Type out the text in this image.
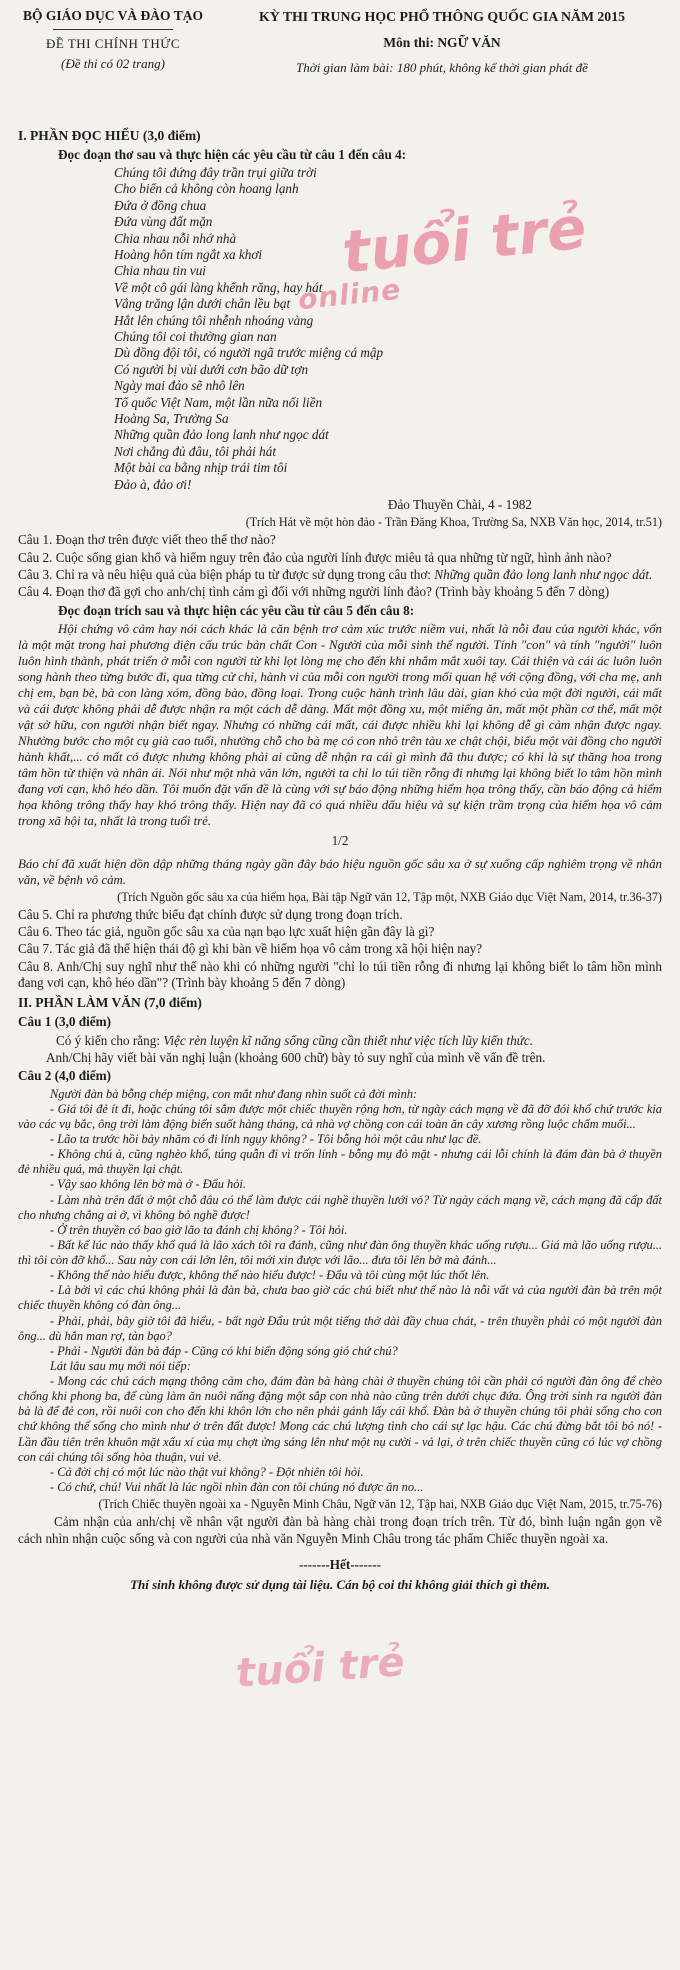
BỘ GIÁO DỤC VÀ ĐÀO TẠO
ĐỀ THI CHÍNH THỨC
(Đề thi có 02 trang)
KỲ THI TRUNG HỌC PHỔ THÔNG QUỐC GIA NĂM 2015
Môn thi: NGỮ VĂN
Thời gian làm bài: 180 phút, không kể thời gian phát đề
I. PHẦN ĐỌC HIỂU (3,0 điểm)
Đọc đoạn thơ sau và thực hiện các yêu cầu từ câu 1 đến câu 4:
Chúng tôi đứng đây trần trụi giữa trời
Cho biển cả không còn hoang lạnh
Đứa ở đồng chua
Đứa vùng đất mặn
Chia nhau nỗi nhớ nhà
Hoàng hôn tím ngắt xa khơi
Chia nhau tin vui
Về một cô gái làng khểnh răng, hay hát
Vắng trăng lận dưới chân lều bạt
Hắt lên chúng tôi nhễnh nhoáng vàng
Chúng tôi coi thường gian nan
Dù đồng đội tôi, có người ngã trước miệng cá mập
Có người bị vùi dưới cơn bão dữ tợn
Ngày mai đảo sẽ nhô lên
Tổ quốc Việt Nam, một lần nữa nối liền
Hoàng Sa, Trường Sa
Những quần đảo long lanh như ngọc dát
Nơi chẳng đủ đâu, tôi phải hát
Một bài ca bằng nhịp trái tim tôi
Đảo à, đảo ơi!
Đảo Thuyền Chài, 4 - 1982
(Trích Hát về một hòn đảo - Trần Đăng Khoa, Trường Sa, NXB Văn học, 2014, tr.51)
Câu 1. Đoạn thơ trên được viết theo thể thơ nào?
Câu 2. Cuộc sống gian khổ và hiểm nguy trên đảo của người lính được miêu tả qua những từ ngữ, hình ảnh nào?
Câu 3. Chỉ ra và nêu hiệu quả của biện pháp tu từ được sử dụng trong câu thơ: Những quần đảo long lanh như ngọc dát.
Câu 4. Đoạn thơ đã gợi cho anh/chị tình cảm gì đối với những người lính đảo? (Trình bày khoảng 5 đến 7 dòng)
Đọc đoạn trích sau và thực hiện các yêu cầu từ câu 5 đến câu 8:
Hội chứng vô cảm hay nói cách khác là căn bệnh trơ cảm xúc trước niềm vui, nhất là nỗi đau của người khác, vốn là một mặt trong hai phương diện cấu trúc bản chất Con - Người của mỗi sinh thể người. Tính "con" và tính "người" luôn luôn hình thành, phát triển ở mỗi con người từ khi lọt lòng mẹ cho đến khi nhắm mắt xuôi tay. Cái thiện và cái ác luôn luôn song hành theo từng bước đi, qua từng cử chỉ, hành vi của mỗi con người trong mối quan hệ với cộng đồng, với cha mẹ, anh chị em, bạn bè, bà con làng xóm, đồng bào, đồng loại. Trong cuộc hành trình lâu dài, gian khó của một đời người, cái mất và cái được không phải dễ được nhận ra một cách dễ dàng. Mất một đồng xu, một miếng ăn, mất một phần cơ thể, mất một vật sở hữu, con người nhận biết ngay. Nhưng có những cái mất, cái được nhiều khi lại không dễ gì cảm nhận được ngay. Nhường bước cho một cụ già cao tuổi, nhường chỗ cho bà mẹ có con nhỏ trên tàu xe chật chội, biếu một vài đồng cho người hành khất,... có mất có được nhưng không phải ai cũng dễ nhận ra cái gì mình đã thu được; có khi là sự thăng hoa trong tâm hồn từ thiện và nhân ái. Nói như một nhà văn lớn, người ta chỉ lo túi tiền rỗng đi nhưng lại không biết lo tâm hồn mình đang vơi cạn, khô héo dần. Tôi muốn đặt vấn đề là cùng với sự báo động những hiểm họa trông thấy, cần báo động cả hiểm họa không trông thấy hay khó trông thấy. Hiện nay đã có quá nhiều dấu hiệu và sự kiện trầm trọng của hiểm họa vô cảm trong xã hội ta, nhất là trong tuổi trẻ.
1/2
Báo chí đã xuất hiện dồn dập những tháng ngày gần đây báo hiệu nguồn gốc sâu xa ở sự xuống cấp nghiêm trọng về nhân văn, về bệnh vô cảm.
(Trích Nguồn gốc sâu xa của hiểm họa, Bài tập Ngữ văn 12, Tập một, NXB Giáo dục Việt Nam, 2014, tr.36-37)
Câu 5. Chỉ ra phương thức biểu đạt chính được sử dụng trong đoạn trích.
Câu 6. Theo tác giả, nguồn gốc sâu xa của nạn bạo lực xuất hiện gần đây là gì?
Câu 7. Tác giả đã thể hiện thái độ gì khi bàn về hiểm họa vô cảm trong xã hội hiện nay?
Câu 8. Anh/Chị suy nghĩ như thế nào khi có những người "chỉ lo túi tiền rỗng đi nhưng lại không biết lo tâm hồn mình đang vơi cạn, khô héo dần"? (Trình bày khoảng 5 đến 7 dòng)
II. PHẦN LÀM VĂN (7,0 điểm)
Câu 1 (3,0 điểm)
Có ý kiến cho rằng: Việc rèn luyện kĩ năng sống cũng cần thiết như việc tích lũy kiến thức.
Anh/Chị hãy viết bài văn nghị luận (khoảng 600 chữ) bày tỏ suy nghĩ của mình về vấn đề trên.
Câu 2 (4,0 điểm)

Người đàn bà bỗng chép miệng, con mắt như đang nhìn suốt cả đời mình:

- Giá tôi đẻ ít đi, hoặc chúng tôi sắm được một chiếc thuyền rộng hơn, từ ngày cách mạng về đã đỡ đói khổ chứ trước kia vào các vụ bắc, ông trời làm động biển suốt hàng tháng, cả nhà vợ chồng con cái toàn ăn cây xương rồng luộc chấm muối...

- Lão ta trước hồi bảy nhăm có đi lính ngụy không? - Tôi bỗng hỏi một câu như lạc đề.

- Không chú à, cũng nghèo khổ, túng quẫn đi vì trốn lính - bỗng mụ đỏ mặt - nhưng cái lỗi chính là đám đàn bà ở thuyền đẻ nhiều quá, mà thuyền lại chật.

- Vậy sao không lên bờ mà ở - Đẩu hỏi.

- Làm nhà trên đất ở một chỗ đâu có thể làm được cái nghề thuyền lưới vó? Từ ngày cách mạng về, cách mạng đã cấp đất cho nhưng chẳng ai ở, vì không bỏ nghề được!

- Ở trên thuyền có bao giờ lão ta đánh chị không? - Tôi hỏi.

- Bất kể lúc nào thấy khổ quá là lão xách tôi ra đánh, cũng như đàn ông thuyền khác uống rượu... Giá mà lão uống rượu... thì tôi còn đỡ khổ... Sau này con cái lớn lên, tôi mới xin được với lão... đưa tôi lên bờ mà đánh...

- Không thể nào hiểu được, không thể nào hiểu được! - Đẩu và tôi cùng một lúc thốt lên.

- Là bởi vì các chú không phải là đàn bà, chưa bao giờ các chú biết như thế nào là nỗi vất vả của người đàn bà trên một chiếc thuyền không có đàn ông...

- Phải, phải, bây giờ tôi đã hiểu, - bất ngờ Đẩu trút một tiếng thở dài đầy chua chát, - trên thuyền phải có một người đàn ông... dù hắn man rợ, tàn bạo?

- Phải - Người đàn bà đáp - Cũng có khi biển động sóng gió chứ chú?

Lát lâu sau mụ mới nói tiếp:

- Mong các chú cách mạng thông cảm cho, đám đàn bà hàng chài ở thuyền chúng tôi cần phải có người đàn ông để chèo chống khi phong ba, để cùng làm ăn nuôi nấng đặng một sắp con nhà nào cũng trên dưới chục đứa. Ông trời sinh ra người đàn bà là để đẻ con, rồi nuôi con cho đến khi khôn lớn cho nên phải gánh lấy cái khổ. Đàn bà ở thuyền chúng tôi phải sống cho con chứ không thể sống cho mình như ở trên đất được! Mong các chú lượng tình cho cái sự lạc hậu. Các chú đừng bắt tôi bỏ nó! - Lần đầu tiên trên khuôn mặt xấu xí của mụ chợt ửng sáng lên như một nụ cười - vả lại, ở trên chiếc thuyền cũng có lúc vợ chồng con cái chúng tôi sống hòa thuận, vui vẻ.

- Cả đời chị có một lúc nào thật vui không? - Đột nhiên tôi hỏi.

- Có chứ, chú! Vui nhất là lúc ngồi nhìn đàn con tôi chúng nó được ăn no...

(Trích Chiếc thuyền ngoài xa - Nguyễn Minh Châu, Ngữ văn 12, Tập hai, NXB Giáo dục Việt Nam, 2015, tr.75-76)
Cảm nhận của anh/chị về nhân vật người đàn bà hàng chài trong đoạn trích trên. Từ đó, bình luận ngắn gọn về cách nhìn nhận cuộc sống và con người của nhà văn Nguyễn Minh Châu trong tác phẩm Chiếc thuyền ngoài xa.
-------Hết-------
Thí sinh không được sử dụng tài liệu. Cán bộ coi thi không giải thích gì thêm.
tuổi trẻ
online
tuổi trẻ
